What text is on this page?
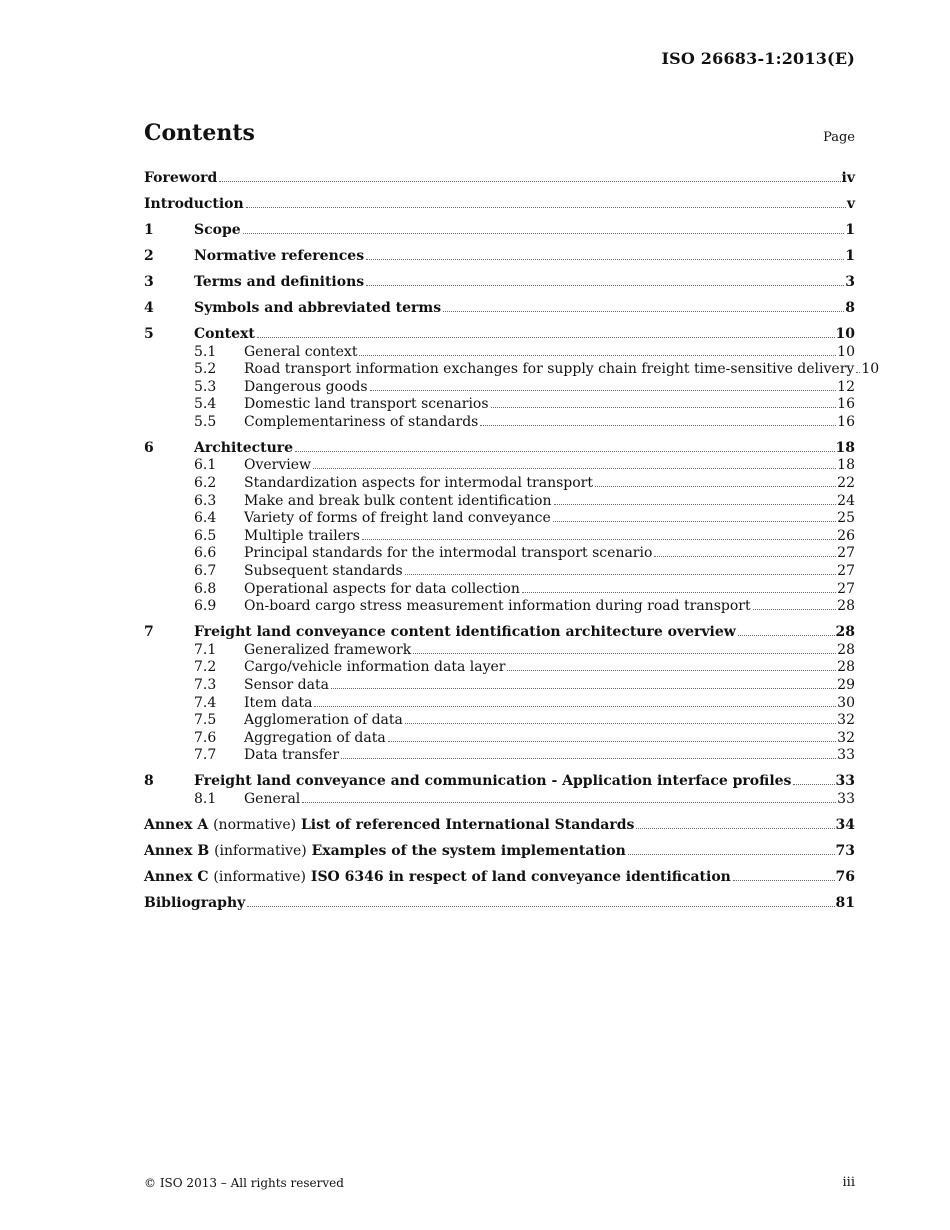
ISO 26683-1:2013(E)
Contents	Page
Foreword	iv
Introduction	v
1	Scope	1
2	Normative references	1
3	Terms and definitions	3
4	Symbols and abbreviated terms	8
5	Context	10
5.1	General context	10
5.2	Road transport information exchanges for supply chain freight time-sensitive delivery 10
5.3	Dangerous goods	12
5.4	Domestic land transport scenarios	16
5.5	Complementariness of standards	16
6	Architecture	18
6.1	Overview	18
6.2	Standardization aspects for intermodal transport	22
6.3	Make and break bulk content identification	24
6.4	Variety of forms of freight land conveyance	25
6.5	Multiple trailers	26
6.6	Principal standards for the intermodal transport scenario	27
6.7	Subsequent standards	27
6.8	Operational aspects for data collection	27
6.9	On-board cargo stress measurement information during road transport	28
7	Freight land conveyance content identification architecture overview	28
7.1	Generalized framework	28
7.2	Cargo/vehicle information data layer	28
7.3	Sensor data	29
7.4	Item data	30
7.5	Agglomeration of data	32
7.6	Aggregation of data	32
7.7	Data transfer	33
8	Freight land conveyance and communication - Application interface profiles	33
8.1	General	33
Annex A (normative) List of referenced International Standards	34
Annex B (informative) Examples of the system implementation	73
Annex C (informative) ISO 6346 in respect of land conveyance identification	76
Bibliography	81
© ISO 2013 – All rights reserved	iii
